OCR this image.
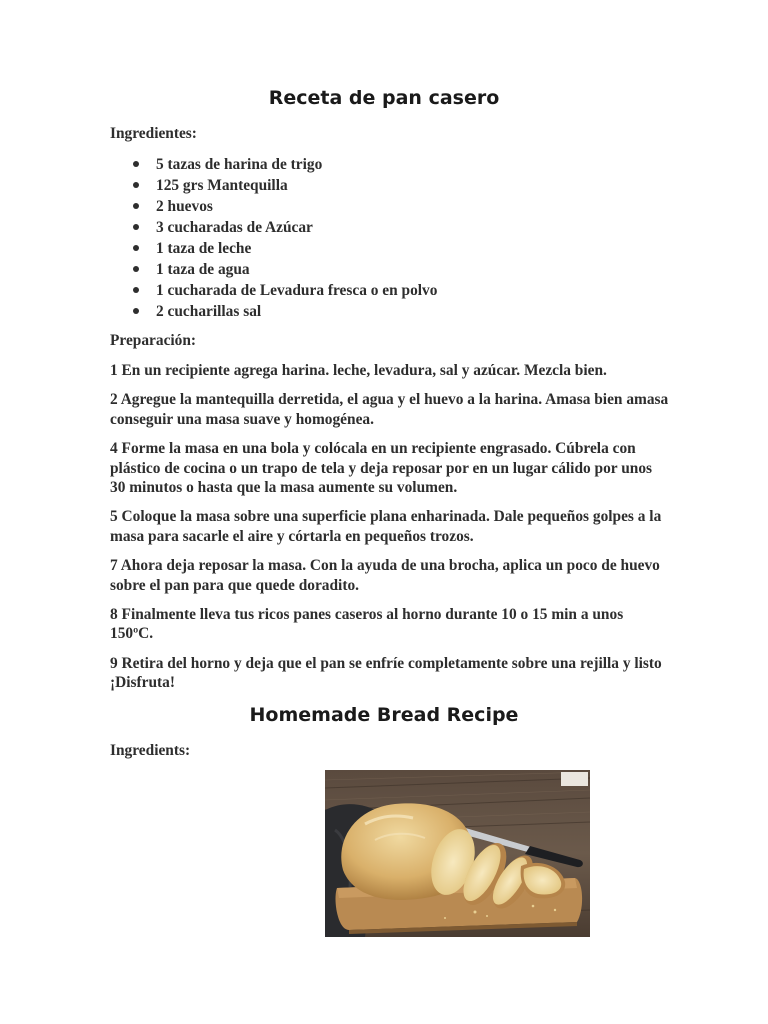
Receta de pan casero

Ingredientes:

5 tazas de harina de trigo
125 grs Mantequilla
2 huevos
3 cucharadas de Azúcar
1 taza de leche
1 taza de agua
1 cucharada de Levadura fresca o en polvo
2 cucharillas sal

Preparación:

1 En un recipiente agrega harina. leche, levadura, sal y azúcar. Mezcla bien.

2 Agregue la mantequilla derretida, el agua y el huevo a la harina. Amasa bien amasa conseguir una masa suave y homogénea.

4 Forme la masa en una bola y colócala en un recipiente engrasado. Cúbrela con plástico de cocina o un trapo de tela y deja reposar por en un lugar cálido por unos 30 minutos o hasta que la masa aumente su volumen.

5 Coloque la masa sobre una superficie plana enharinada. Dale pequeños golpes a la masa para sacarle el aire y córtarla en pequeños trozos.

7 Ahora deja reposar la masa. Con la ayuda de una brocha, aplica un poco de huevo sobre el pan para que quede doradito.

8 Finalmente lleva tus ricos panes caseros al horno durante 10 o 15 min a unos 150ºC.

9 Retira del horno y deja que el pan se enfríe completamente sobre una rejilla y listo ¡Disfruta!

Homemade Bread Recipe

Ingredients:
